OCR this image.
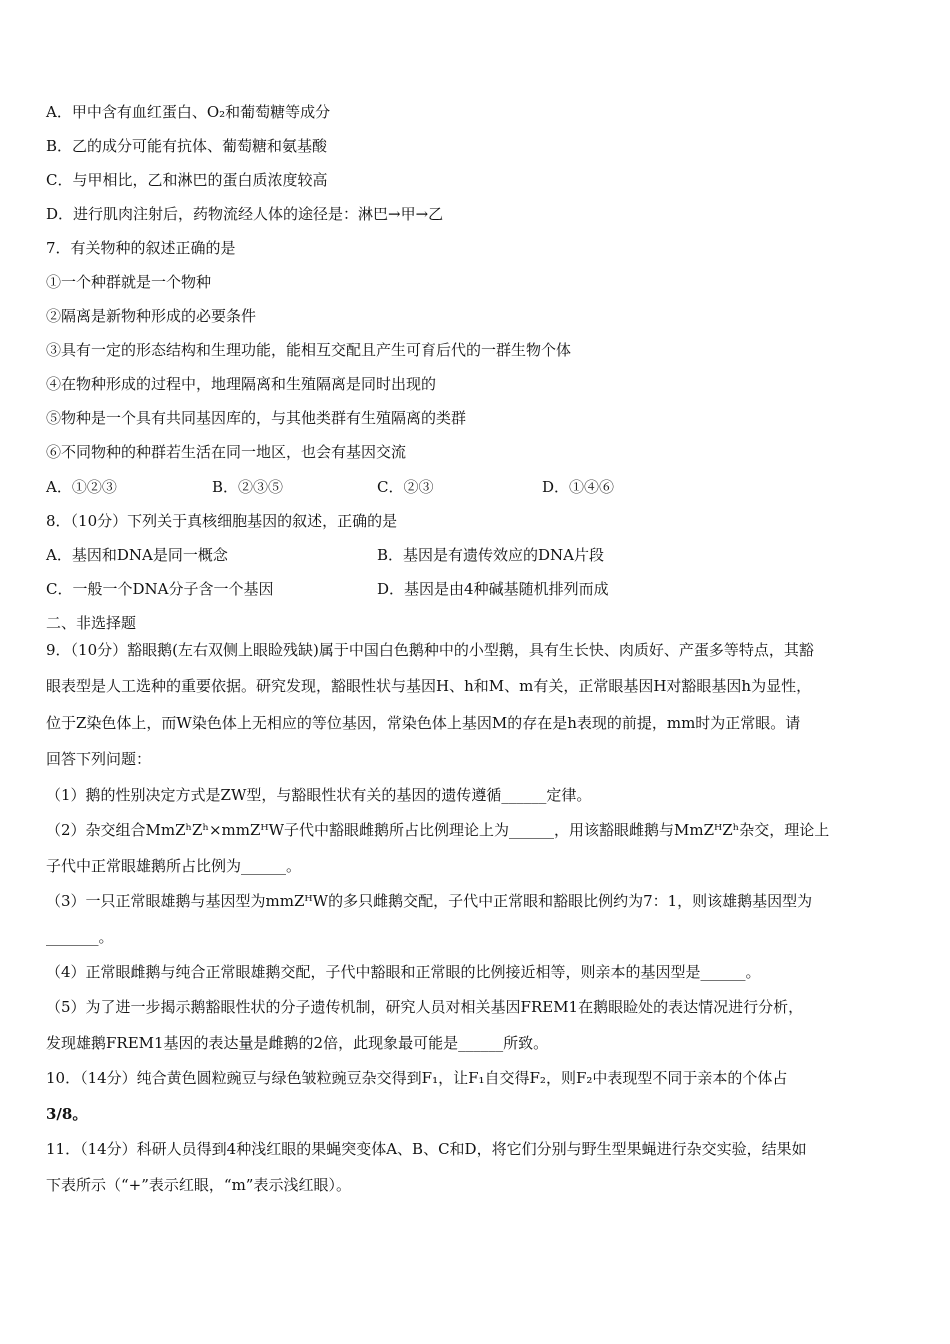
A．甲中含有血红蛋白、O₂和葡萄糖等成分
B．乙的成分可能有抗体、葡萄糖和氨基酸
C．与甲相比，乙和淋巴的蛋白质浓度较高
D．进行肌肉注射后，药物流经人体的途径是：淋巴→甲→乙
7．有关物种的叙述正确的是
①一个种群就是一个物种
②隔离是新物种形成的必要条件
③具有一定的形态结构和生理功能，能相互交配且产生可育后代的一群生物个体
④在物种形成的过程中，地理隔离和生殖隔离是同时出现的
⑤物种是一个具有共同基因库的，与其他类群有生殖隔离的类群
⑥不同物种的种群若生活在同一地区，也会有基因交流
A．①②③	B．②③⑤	C．②③	D．①④⑥
8．（10分）下列关于真核细胞基因的叙述，正确的是
A．基因和DNA是同一概念	B．基因是有遗传效应的DNA片段
C．一般一个DNA分子含一个基因	D．基因是由4种碱基随机排列而成
二、非选择题
9．（10分）豁眼鹅(左右双侧上眼睑残缺)属于中国白色鹅种中的小型鹅，具有生长快、肉质好、产蛋多等特点，其豁
眼表型是人工选种的重要依据。研究发现，豁眼性状与基因H、h和M、m有关，正常眼基因H对豁眼基因h为显性，
位于Z染色体上，而W染色体上无相应的等位基因，常染色体上基因M的存在是h表现的前提，mm时为正常眼。请
回答下列问题：
（1）鹅的性别决定方式是ZW型，与豁眼性状有关的基因的遗传遵循______定律。
（2）杂交组合MmZʰZʰ×mmZᴴW子代中豁眼雌鹅所占比例理论上为______，用该豁眼雌鹅与MmZᴴZʰ杂交，理论上
子代中正常眼雄鹅所占比例为______。
（3）一只正常眼雄鹅与基因型为mmZᴴW的多只雌鹅交配，子代中正常眼和豁眼比例约为7：1，则该雄鹅基因型为
_______。
（4）正常眼雌鹅与纯合正常眼雄鹅交配，子代中豁眼和正常眼的比例接近相等，则亲本的基因型是______。
（5）为了进一步揭示鹅豁眼性状的分子遗传机制，研究人员对相关基因FREM1在鹅眼睑处的表达情况进行分析，
发现雄鹅FREM1基因的表达量是雌鹅的2倍，此现象最可能是______所致。
10．（14分）纯合黄色圆粒豌豆与绿色皱粒豌豆杂交得到F₁，让F₁自交得F₂，则F₂中表现型不同于亲本的个体占
3/8。
11．（14分）科研人员得到4种浅红眼的果蝇突变体A、B、C和D，将它们分别与野生型果蝇进行杂交实验，结果如
下表所示（“+”表示红眼，“m”表示浅红眼）。
